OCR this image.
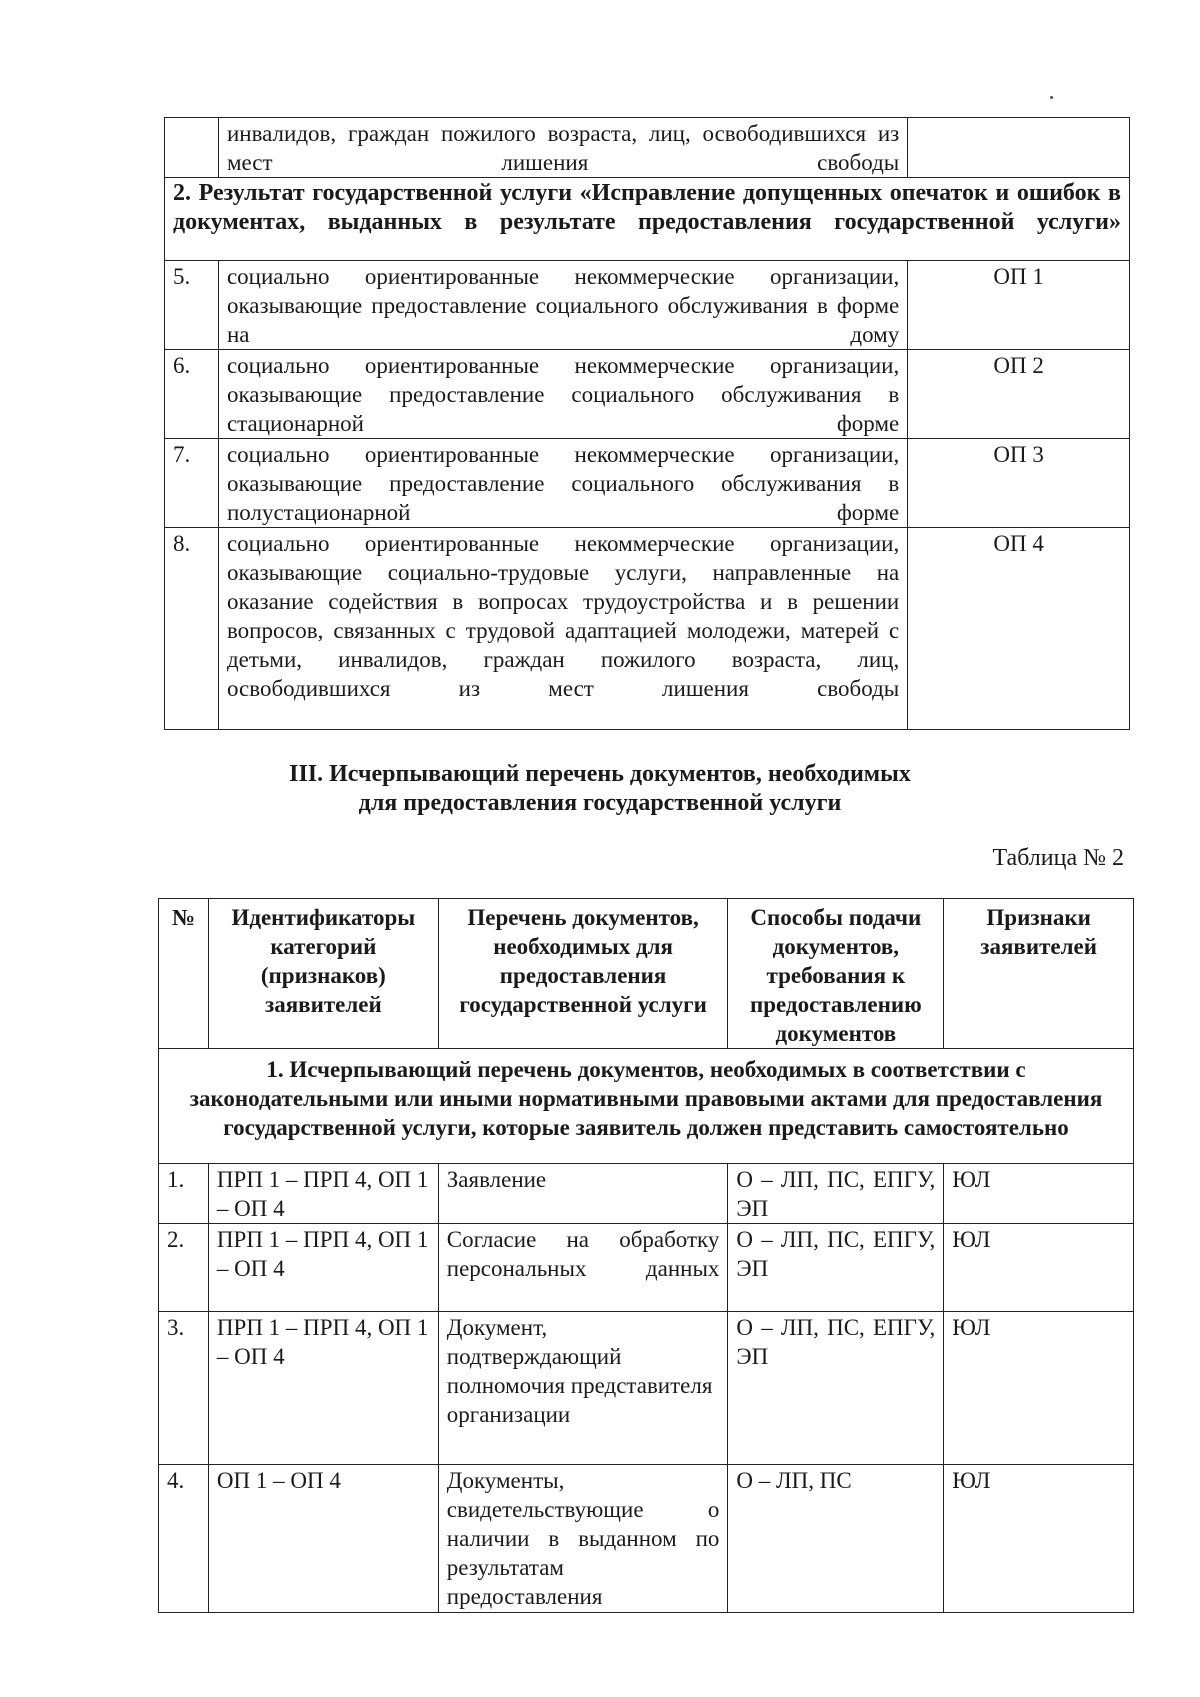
	инвалидов, граждан пожилого возраста, лиц, освободившихся из мест лишения свободы	
2. Результат государственной услуги «Исправление допущенных опечаток и ошибок в документах, выданных в результате предоставления государственной услуги»		
5.	социально ориентированные некоммерческие организации, оказывающие предоставление социального обслуживания в форме на дому	ОП 1
6.	социально ориентированные некоммерческие организации, оказывающие предоставление социального обслуживания в стационарной форме	ОП 2
7.	социально ориентированные некоммерческие организации, оказывающие предоставление социального обслуживания в полустационарной форме	ОП 3
8.	социально ориентированные некоммерческие организации, оказывающие социально-трудовые услуги, направленные на оказание содействия в вопросах трудоустройства и в решении вопросов, связанных с трудовой адаптацией молодежи, матерей с детьми, инвалидов, граждан пожилого возраста, лиц, освободившихся из мест лишения свободы	ОП 4
III. Исчерпывающий перечень документов, необходимых
для предоставления государственной услуги
Таблица № 2
№	Идентификаторы категорий (признаков) заявителей	Перечень документов, необходимых для предоставления государственной услуги	Способы подачи документов, требования к предоставлению документов	Признаки заявителей
1. Исчерпывающий перечень документов, необходимых в соответствии с законодательными или иными нормативными правовыми актами для предоставления государственной услуги, которые заявитель должен представить самостоятельно				
1.	ПРП 1 – ПРП 4, ОП 1 – ОП 4	Заявление	О – ЛП, ПС, ЕПГУ, ЭП	ЮЛ
2.	ПРП 1 – ПРП 4, ОП 1 – ОП 4	Согласие на обработку персональных данных	О – ЛП, ПС, ЕПГУ, ЭП	ЮЛ
3.	ПРП 1 – ПРП 4, ОП 1 – ОП 4	Документ, подтверждающий полномочия представителя организации	О – ЛП, ПС, ЕПГУ, ЭП	ЮЛ
4.	ОП 1 – ОП 4	Документы, свидетельствующие о наличии в выданном по результатам предоставления	О – ЛП, ПС	ЮЛ
